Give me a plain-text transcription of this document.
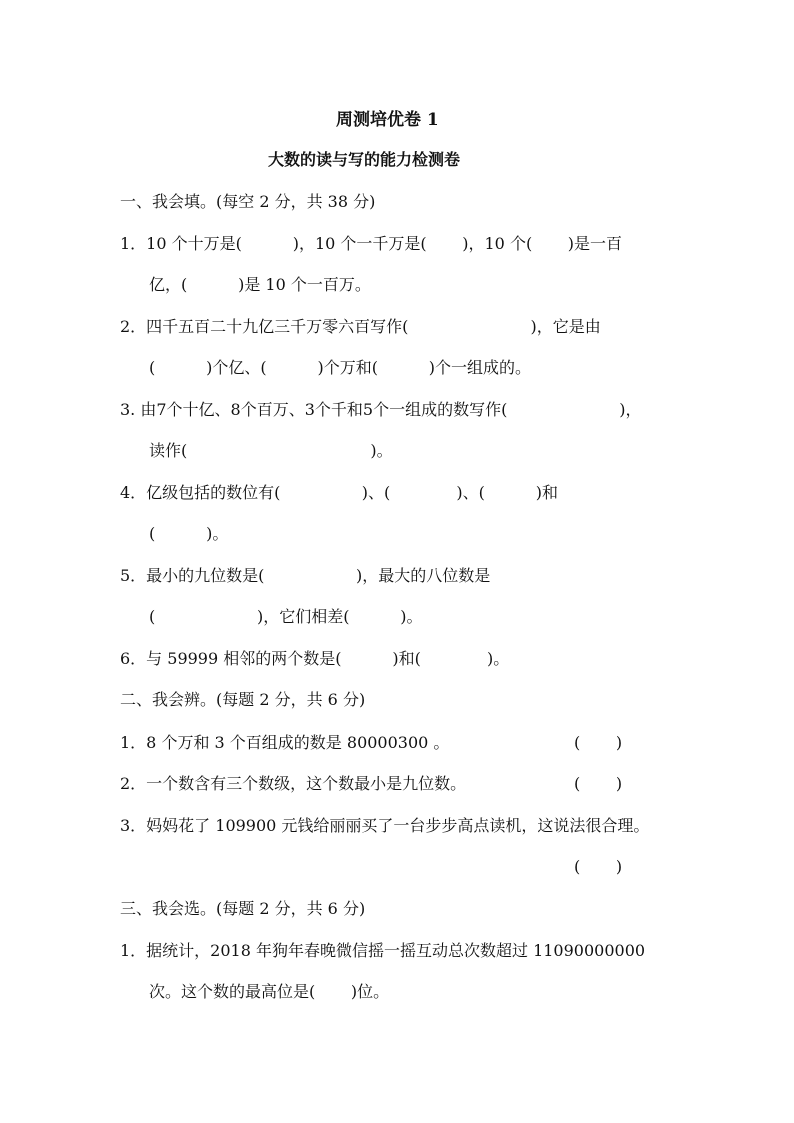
周测培优卷 1
大数的读与写的能力检测卷
一、我会填。(每空 2 分，共 38 分)
1．10 个十万是(          )，10 个一千万是(       )，10 个(       )是一百
亿，(          )是 10 个一百万。
2．四千五百二十九亿三千万零六百写作(                        )，它是由
(          )个亿、(          )个万和(          )个一组成的。
3. 由7个十亿、8个百万、3个千和5个一组成的数写作(                      )，
读作(                                    )。
4．亿级包括的数位有(                )、(             )、(          )和
(          )。
5．最小的九位数是(                  )，最大的八位数是
(                    )，它们相差(          )。
6．与 59999 相邻的两个数是(          )和(             )。
二、我会辨。(每题 2 分，共 6 分)
1．8 个万和 3 个百组成的数是 80000300 。	(       )
2．一个数含有三个数级，这个数最小是九位数。	(       )
3．妈妈花了 109900 元钱给丽丽买了一台步步高点读机，这说法很合理。
(       )
三、我会选。(每题 2 分，共 6 分)
1．据统计，2018 年狗年春晚微信摇一摇互动总次数超过 11090000000
次。这个数的最高位是(       )位。
